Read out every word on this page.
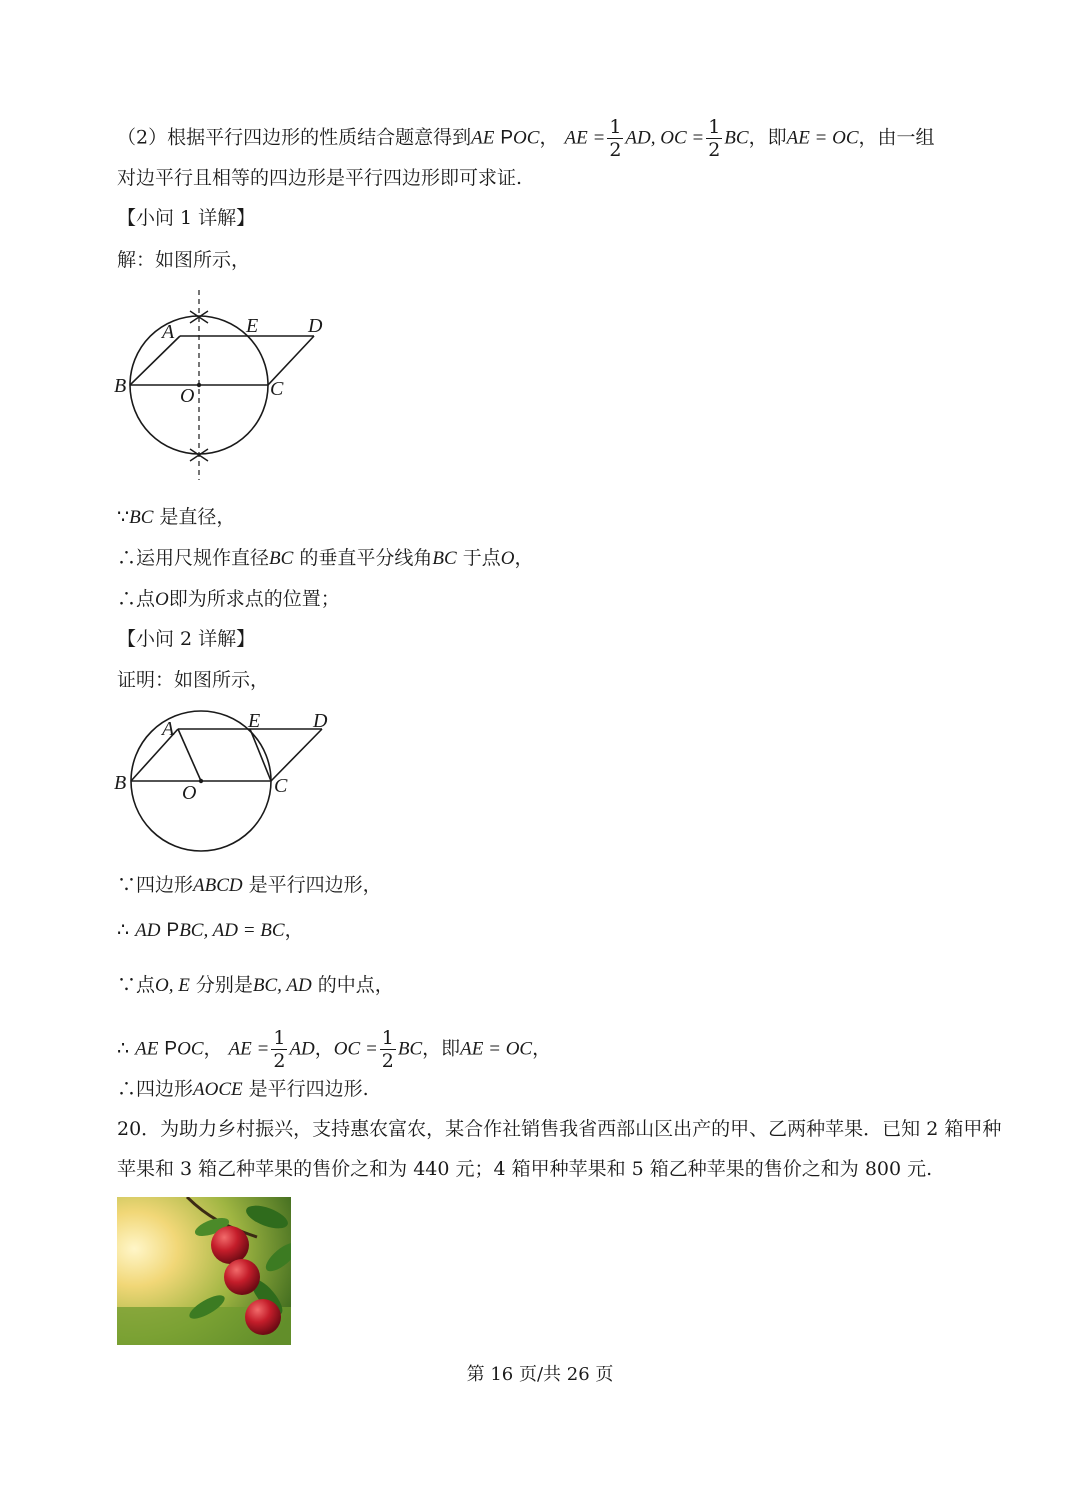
（2）根据平行四边形的性质结合题意得到AE POC， AE = $\frac{1}{2}$ AD, OC = $\frac{1}{2}$ BC，即AE = OC，由一组
对边平行且相等的四边形是平行四边形即可求证.
【小问 1 详解】
解：如图所示，
A	E D
B	O	C
∵BC 是直径，
∴运用尺规作直径BC 的垂直平分线角BC 于点O，
∴点O即为所求点的位置；
【小问 2 详解】
证明：如图所示，
A	E	D
B	O	C
∵四边形ABCD 是平行四边形，
∴ AD PBC, AD = BC，
∵点O, E 分别是BC, AD 的中点，
∴ AE POC， AE = $\frac{1}{2}$ AD，OC = $\frac{1}{2}$ BC，即AE = OC，
∴四边形AOCE 是平行四边形.
20．为助力乡村振兴，支持惠农富农，某合作社销售我省西部山区出产的甲、乙两种苹果．已知 2 箱甲种
苹果和 3 箱乙种苹果的售价之和为 440 元；4 箱甲种苹果和 5 箱乙种苹果的售价之和为 800 元.
第 16 页/共 26 页
